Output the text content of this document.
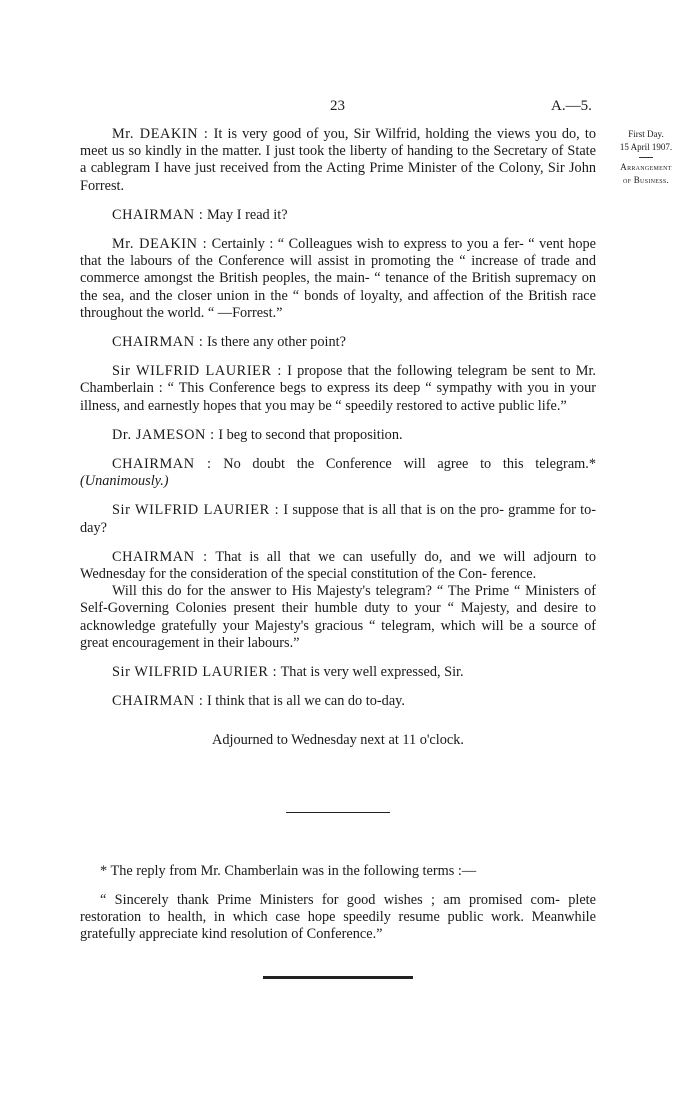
23	A.—5.
First Day.
15 April 1907.
Arrangement
of Business.

Mr. DEAKIN : It is very good of you, Sir Wilfrid, holding the views you do, to meet us so kindly in the matter. I just took the liberty of handing to the Secretary of State a cablegram I have just received from the Acting Prime Minister of the Colony, Sir John Forrest.

CHAIRMAN : May I read it?

Mr. DEAKIN : Certainly : “ Colleagues wish to express to you a fer- “ vent hope that the labours of the Conference will assist in promoting the “ increase of trade and commerce amongst the British peoples, the main- “ tenance of the British supremacy on the sea, and the closer union in the “ bonds of loyalty, and affection of the British race throughout the world. “ —Forrest.”

CHAIRMAN : Is there any other point?

Sir WILFRID LAURIER : I propose that the following telegram be sent to Mr. Chamberlain : “ This Conference begs to express its deep “ sympathy with you in your illness, and earnestly hopes that you may be “ speedily restored to active public life.”

Dr. JAMESON : I beg to second that proposition.

CHAIRMAN : No doubt the Conference will agree to this telegram.* (Unanimously.)

Sir WILFRID LAURIER : I suppose that is all that is on the pro- gramme for to-day?

CHAIRMAN : That is all that we can usefully do, and we will adjourn to Wednesday for the consideration of the special constitution of the Con- ference.

Will this do for the answer to His Majesty's telegram? “ The Prime “ Ministers of Self-Governing Colonies present their humble duty to your “ Majesty, and desire to acknowledge gratefully your Majesty's gracious “ telegram, which will be a source of great encouragement in their labours.”

Sir WILFRID LAURIER : That is very well expressed, Sir.

CHAIRMAN : I think that is all we can do to-day.

Adjourned to Wednesday next at 11 o'clock.

* The reply from Mr. Chamberlain was in the following terms :—

“ Sincerely thank Prime Ministers for good wishes ; am promised com- plete restoration to health, in which case hope speedily resume public work. Meanwhile gratefully appreciate kind resolution of Conference.”
